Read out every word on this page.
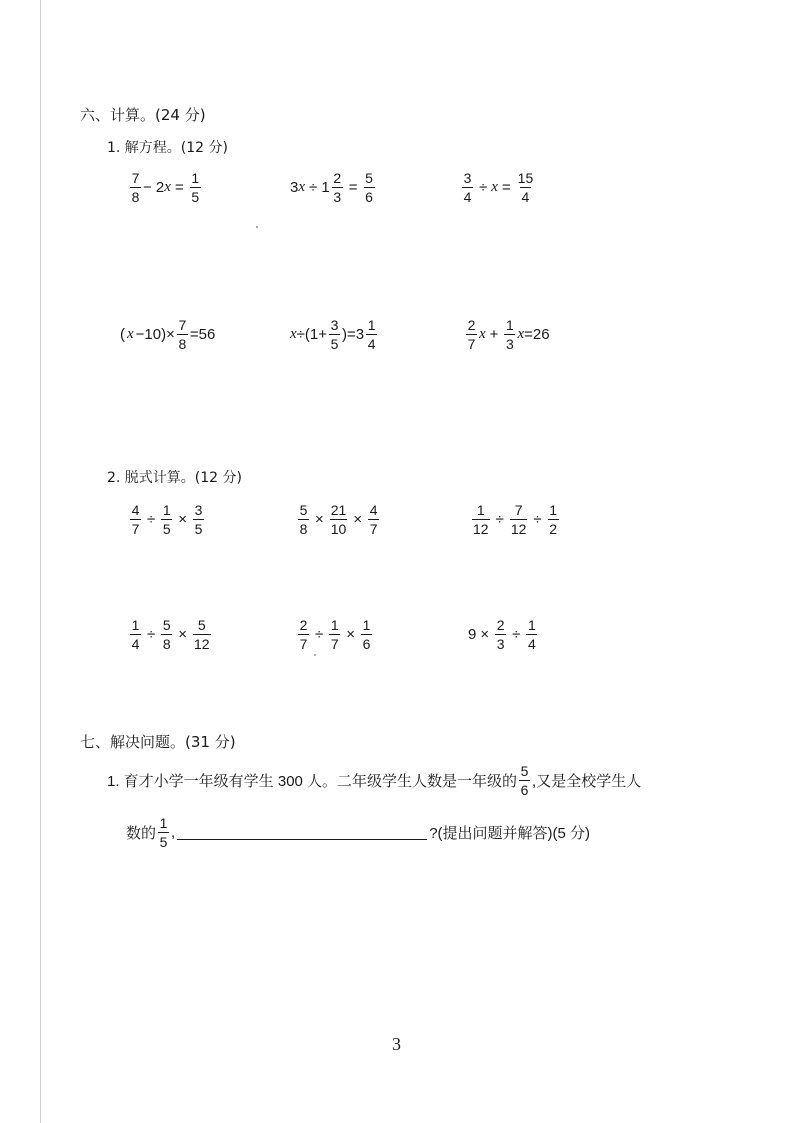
六、计算。(24 分)
1. 解方程。(12 分)
$\frac{7}{8} - 2$ $x = \frac{1}{5}$	3 $x \div 1 \frac{2}{3} = \frac{5}{6}$	$\frac{3}{4} \div x = \frac{15}{4}$
( $x -10)\times \frac{7}{8} =56$	$x \div(1+ \frac{3}{5} )=3 \frac{1}{4}$	$\frac{2}{7}$ $x + \frac{1}{3}$ x =26
2. 脱式计算。(12 分)
$\frac{4}{7} \div \frac{1}{5} \times \frac{3}{5}$	$\frac{5}{8} \times \frac{21}{10} \times \frac{4}{7}$	$\frac{1}{12} \div \frac{7}{12} \div \frac{1}{2}$
$\frac{1}{4} \div \frac{5}{8} \times \frac{5}{12}$	$\frac{2}{7} \div \frac{1}{7} \times \frac{1}{6}$	$9 \times \frac{2}{3} \div \frac{1}{4}$
七、解决问题。(31 分)
1. 育才小学一年级有学生 300 人。二年级学生人数是一年级的 $\frac{5}{6}$ ,又是全校学生人
数的 $\frac{1}{5}$ ,	?(提出问题并解答)(5 分)
3
